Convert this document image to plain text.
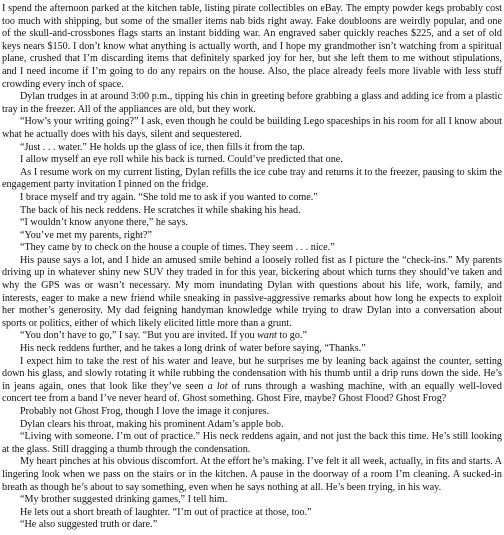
I spend the afternoon parked at the kitchen table, listing pirate collectibles on eBay. The empty powder kegs probably cost too much with shipping, but some of the smaller items nab bids right away. Fake doubloons are weirdly popular, and one of the skull-and-crossbones flags starts an instant bidding war. An engraved saber quickly reaches $225, and a set of old keys nears $150. I don’t know what anything is actually worth, and I hope my grandmother isn’t watching from a spiritual plane, crushed that I’m discarding items that definitely sparked joy for her, but she left them to me without stipulations, and I need income if I’m going to do any repairs on the house. Also, the place already feels more livable with less stuff crowding every inch of space.

Dylan trudges in at around 3:00 p.m., tipping his chin in greeting before grabbing a glass and adding ice from a plastic tray in the freezer. All of the appliances are old, but they work.

“How’s your writing going?” I ask, even though he could be building Lego spaceships in his room for all I know about what he actually does with his days, silent and sequestered.

“Just . . . water.” He holds up the glass of ice, then fills it from the tap.

I allow myself an eye roll while his back is turned. Could’ve predicted that one.

As I resume work on my current listing, Dylan refills the ice cube tray and returns it to the freezer, pausing to skim the engagement party invitation I pinned on the fridge.

I brace myself and try again. “She told me to ask if you wanted to come.”

The back of his neck reddens. He scratches it while shaking his head.

“I wouldn’t know anyone there,” he says.

“You’ve met my parents, right?”

“They came by to check on the house a couple of times. They seem . . . nice.”

His pause says a lot, and I hide an amused smile behind a loosely rolled fist as I picture the “check-ins.” My parents driving up in whatever shiny new SUV they traded in for this year, bickering about which turns they should’ve taken and why the GPS was or wasn’t necessary. My mom inundating Dylan with questions about his life, work, family, and interests, eager to make a new friend while sneaking in passive-aggressive remarks about how long he expects to exploit her mother’s generosity. My dad feigning handyman knowledge while trying to draw Dylan into a conversation about sports or politics, either of which likely elicited little more than a grunt.

“You don’t have to go,” I say. “But you are invited. If you want to go.”

His neck reddens further, and he takes a long drink of water before saying, “Thanks.”

I expect him to take the rest of his water and leave, but he surprises me by leaning back against the counter, setting down his glass, and slowly rotating it while rubbing the condensation with his thumb until a drip runs down the side. He’s in jeans again, ones that look like they’ve seen a lot of runs through a washing machine, with an equally well-loved concert tee from a band I’ve never heard of. Ghost something. Ghost Fire, maybe? Ghost Flood? Ghost Frog?

Probably not Ghost Frog, though I love the image it conjures.

Dylan clears his throat, making his prominent Adam’s apple bob.

“Living with someone. I’m out of practice.” His neck reddens again, and not just the back this time. He’s still looking at the glass. Still dragging a thumb through the condensation.

My heart pinches at his obvious discomfort. At the effort he’s making. I’ve felt it all week, actually, in fits and starts. A lingering look when we pass on the stairs or in the kitchen. A pause in the doorway of a room I’m cleaning. A sucked-in breath as though he’s about to say something, even when he says nothing at all. He’s been trying, in his way.

“My brother suggested drinking games,” I tell him.

He lets out a short breath of laughter. “I’m out of practice at those, too.”

“He also suggested truth or dare.”
